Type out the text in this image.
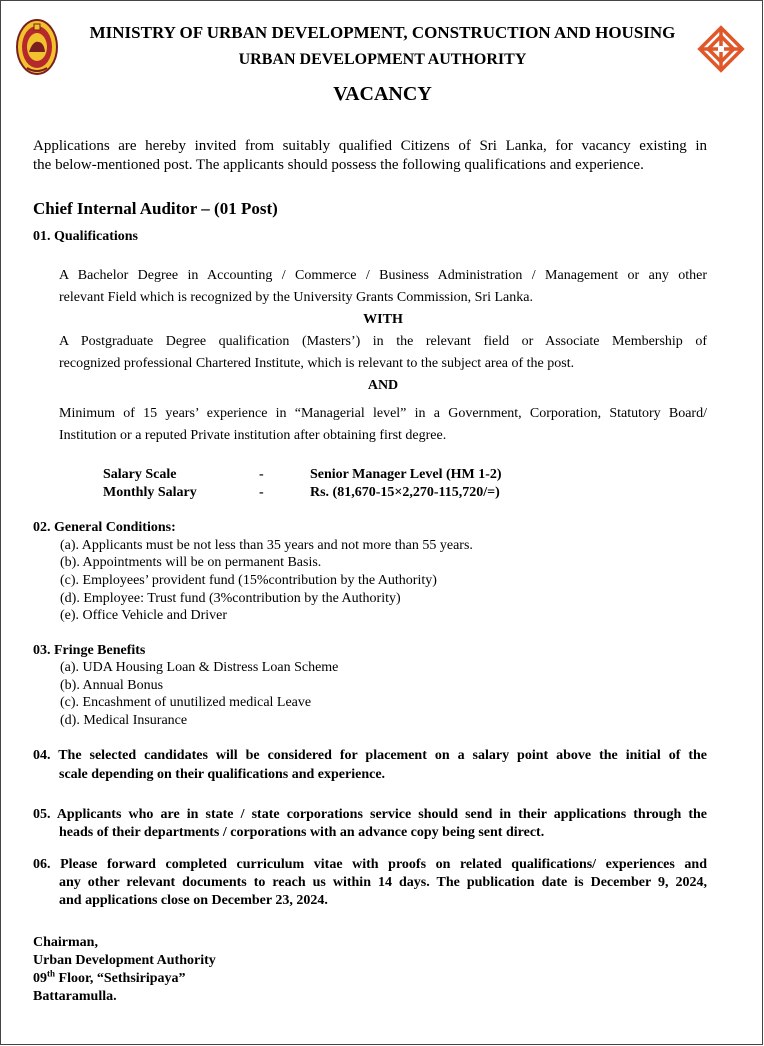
MINISTRY OF URBAN DEVELOPMENT, CONSTRUCTION AND HOUSING
URBAN DEVELOPMENT AUTHORITY
VACANCY
Applications are hereby invited from suitably qualified Citizens of Sri Lanka, for vacancy existing in
the below-mentioned post. The applicants should possess the following qualifications and experience.
Chief Internal Auditor – (01 Post)
01. Qualifications
A Bachelor Degree in Accounting / Commerce / Business Administration / Management or any other
relevant Field which is recognized by the University Grants Commission, Sri Lanka.
WITH
A Postgraduate Degree qualification (Masters’) in the relevant field or Associate Membership of
recognized professional Chartered Institute, which is relevant to the subject area of the post.
AND
Minimum of 15 years’ experience in “Managerial level” in a Government, Corporation, Statutory Board/
Institution or a reputed Private institution after obtaining first degree.
Salary Scale	-	Senior Manager Level (HM 1-2)
Monthly Salary	-	Rs. (81,670-15×2,270-115,720/=)
02. General Conditions:
(a). Applicants must be not less than 35 years and not more than 55 years.
(b). Appointments will be on permanent Basis.
(c). Employees’ provident fund (15%contribution by the Authority)
(d). Employee: Trust fund (3%contribution by the Authority)
(e). Office Vehicle and Driver
03. Fringe Benefits
(a). UDA Housing Loan & Distress Loan Scheme
(b). Annual Bonus
(c). Encashment of unutilized medical Leave
(d). Medical Insurance
04. The selected candidates will be considered for placement on a salary point above the initial of the
scale depending on their qualifications and experience.
05. Applicants who are in state / state corporations service should send in their applications through the
heads of their departments / corporations with an advance copy being sent direct.
06. Please forward completed curriculum vitae with proofs on related qualifications/ experiences and
any other relevant documents to reach us within 14 days. The publication date is December 9, 2024,
and applications close on December 23, 2024.
Chairman,
Urban Development Authority
09th Floor, “Sethsiripaya”
Battaramulla.
